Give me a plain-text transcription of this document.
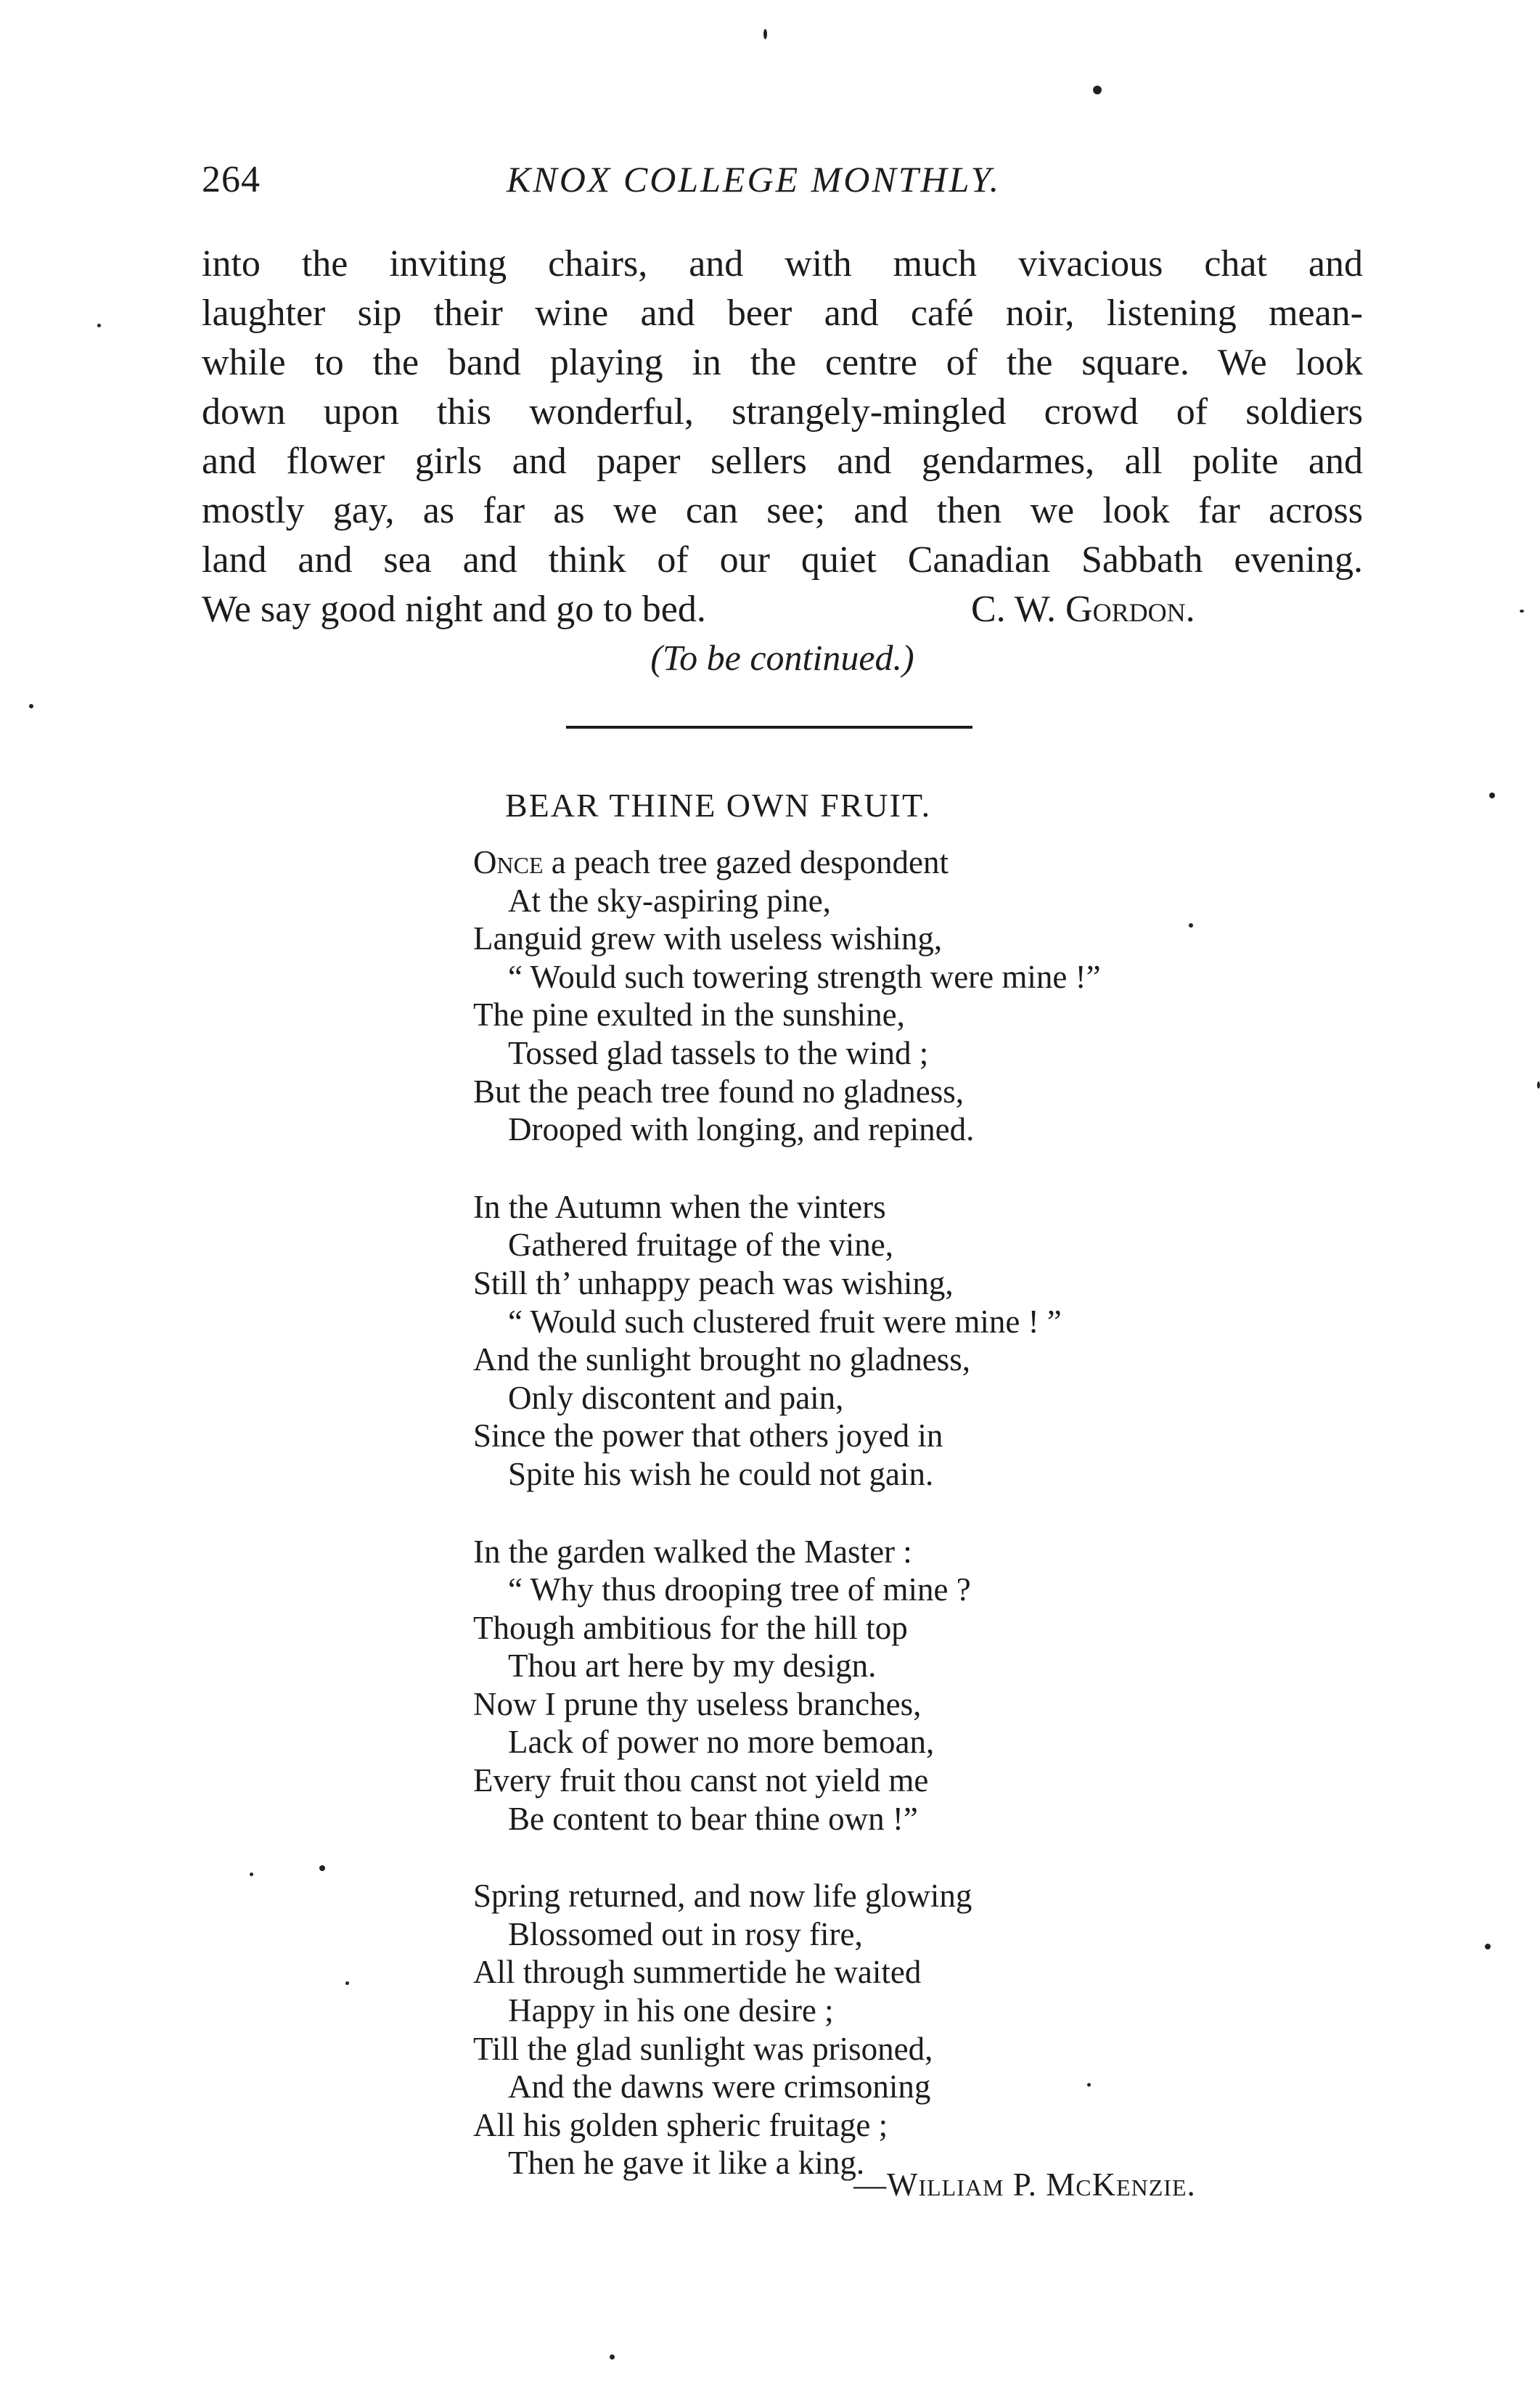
264	KNOX COLLEGE MONTHLY.
into the inviting chairs, and with much vivacious chat and
laughter sip their wine and beer and café noir, listening mean-
while to the band playing in the centre of the square. We look
down upon this wonderful, strangely-mingled crowd of soldiers
and flower girls and paper sellers and gendarmes, all polite and
mostly gay, as far as we can see; and then we look far across
land and sea and think of our quiet Canadian Sabbath evening.
We say good night and go to bed.	C. W. Gordon.
(To be continued.)
BEAR THINE OWN FRUIT.
Once a peach tree gazed despondent
At the sky-aspiring pine,
Languid grew with useless wishing,
“ Would such towering strength were mine !”
The pine exulted in the sunshine,
Tossed glad tassels to the wind ;
But the peach tree found no gladness,
Drooped with longing, and repined.
In the Autumn when the vinters
Gathered fruitage of the vine,
Still th’ unhappy peach was wishing,
“ Would such clustered fruit were mine ! ”
And the sunlight brought no gladness,
Only discontent and pain,
Since the power that others joyed in
Spite his wish he could not gain.
In the garden walked the Master :
“ Why thus drooping tree of mine ?
Though ambitious for the hill top
Thou art here by my design.
Now I prune thy useless branches,
Lack of power no more bemoan,
Every fruit thou canst not yield me
Be content to bear thine own !”
Spring returned, and now life glowing
Blossomed out in rosy fire,
All through summertide he waited
Happy in his one desire ;
Till the glad sunlight was prisoned,
And the dawns were crimsoning
All his golden spheric fruitage ;
Then he gave it like a king.
—William P. McKenzie.
